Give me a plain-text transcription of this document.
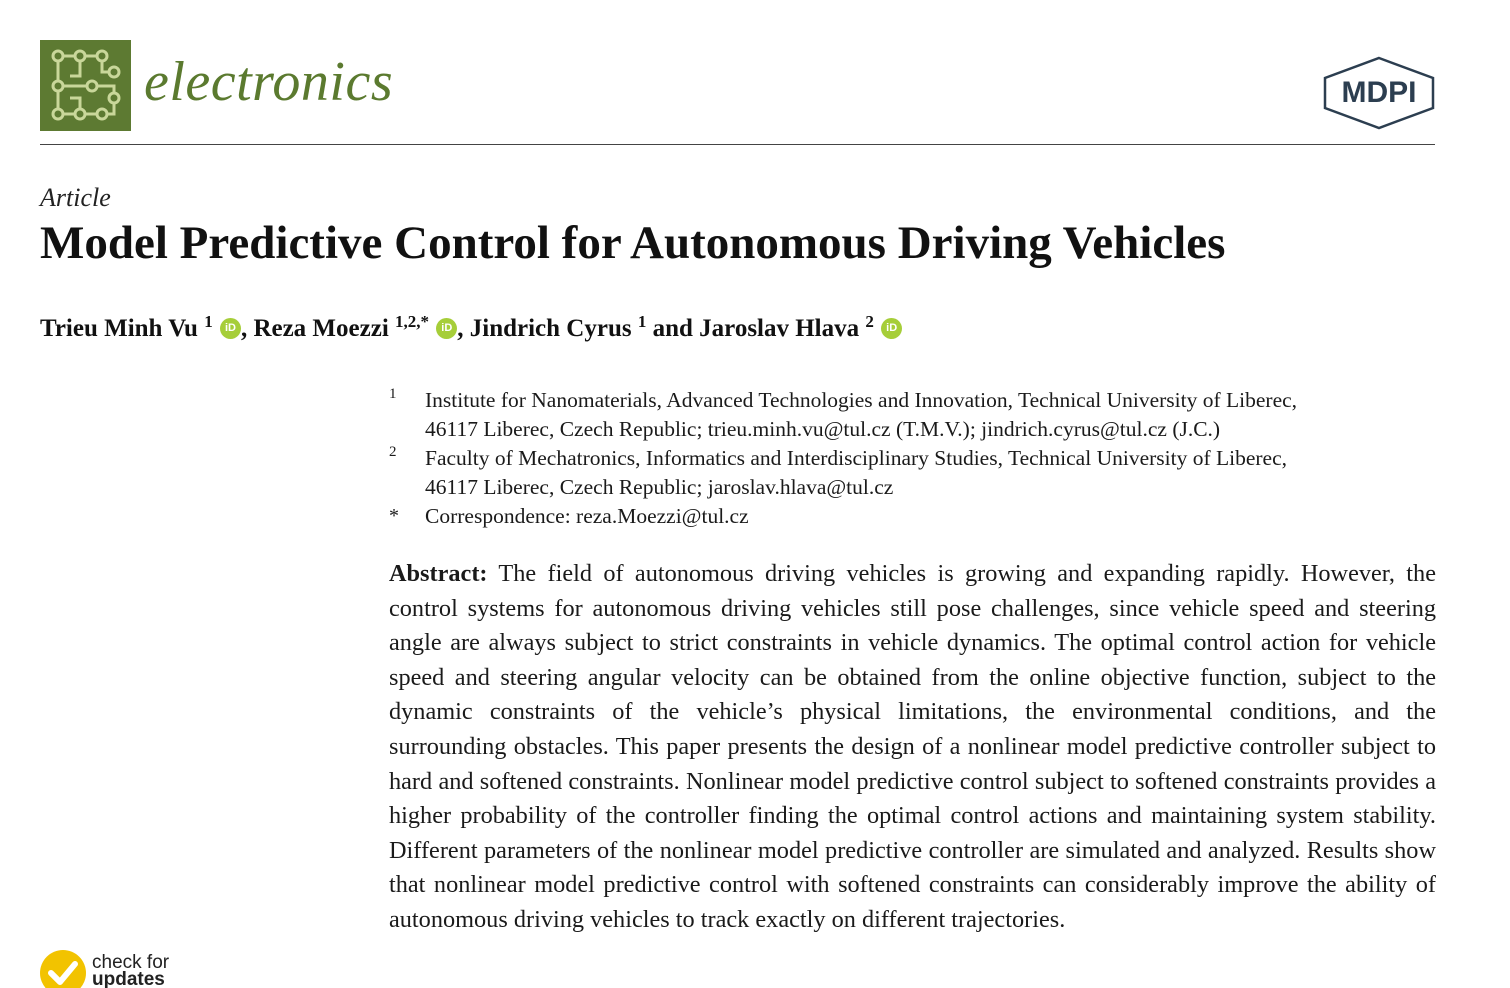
electronics	MDPI
Article
Model Predictive Control for Autonomous Driving Vehicles
Trieu Minh Vu $^1$ iD , Reza Moezzi $^{1,2,*}$ iD , Jindrich Cyrus $^1$ and Jaroslav Hlava $^2$ iD
1 Institute for Nanomaterials, Advanced Technologies and Innovation, Technical University of Liberec,
46117 Liberec, Czech Republic; trieu.minh.vu@tul.cz (T.M.V.); jindrich.cyrus@tul.cz (J.C.)
2 Faculty of Mechatronics, Informatics and Interdisciplinary Studies, Technical University of Liberec,
46117 Liberec, Czech Republic; jaroslav.hlava@tul.cz
* Correspondence: reza.Moezzi@tul.cz
Abstract: The field of autonomous driving vehicles is growing and expanding rapidly. However, the control systems for autonomous driving vehicles still pose challenges, since vehicle speed and steering angle are always subject to strict constraints in vehicle dynamics. The optimal control action for vehicle speed and steering angular velocity can be obtained from the online objective function, subject to the dynamic constraints of the vehicle’s physical limitations, the environmental conditions, and the surrounding obstacles. This paper presents the design of a nonlinear model predictive controller subject to hard and softened constraints. Nonlinear model predictive control subject to softened constraints provides a higher probability of the controller finding the optimal control actions and maintaining system stability. Different parameters of the nonlinear model predictive controller are simulated and analyzed. Results show that nonlinear model predictive control with softened constraints can considerably improve the ability of autonomous driving vehicles to track exactly on different trajectories.
check for
updates
